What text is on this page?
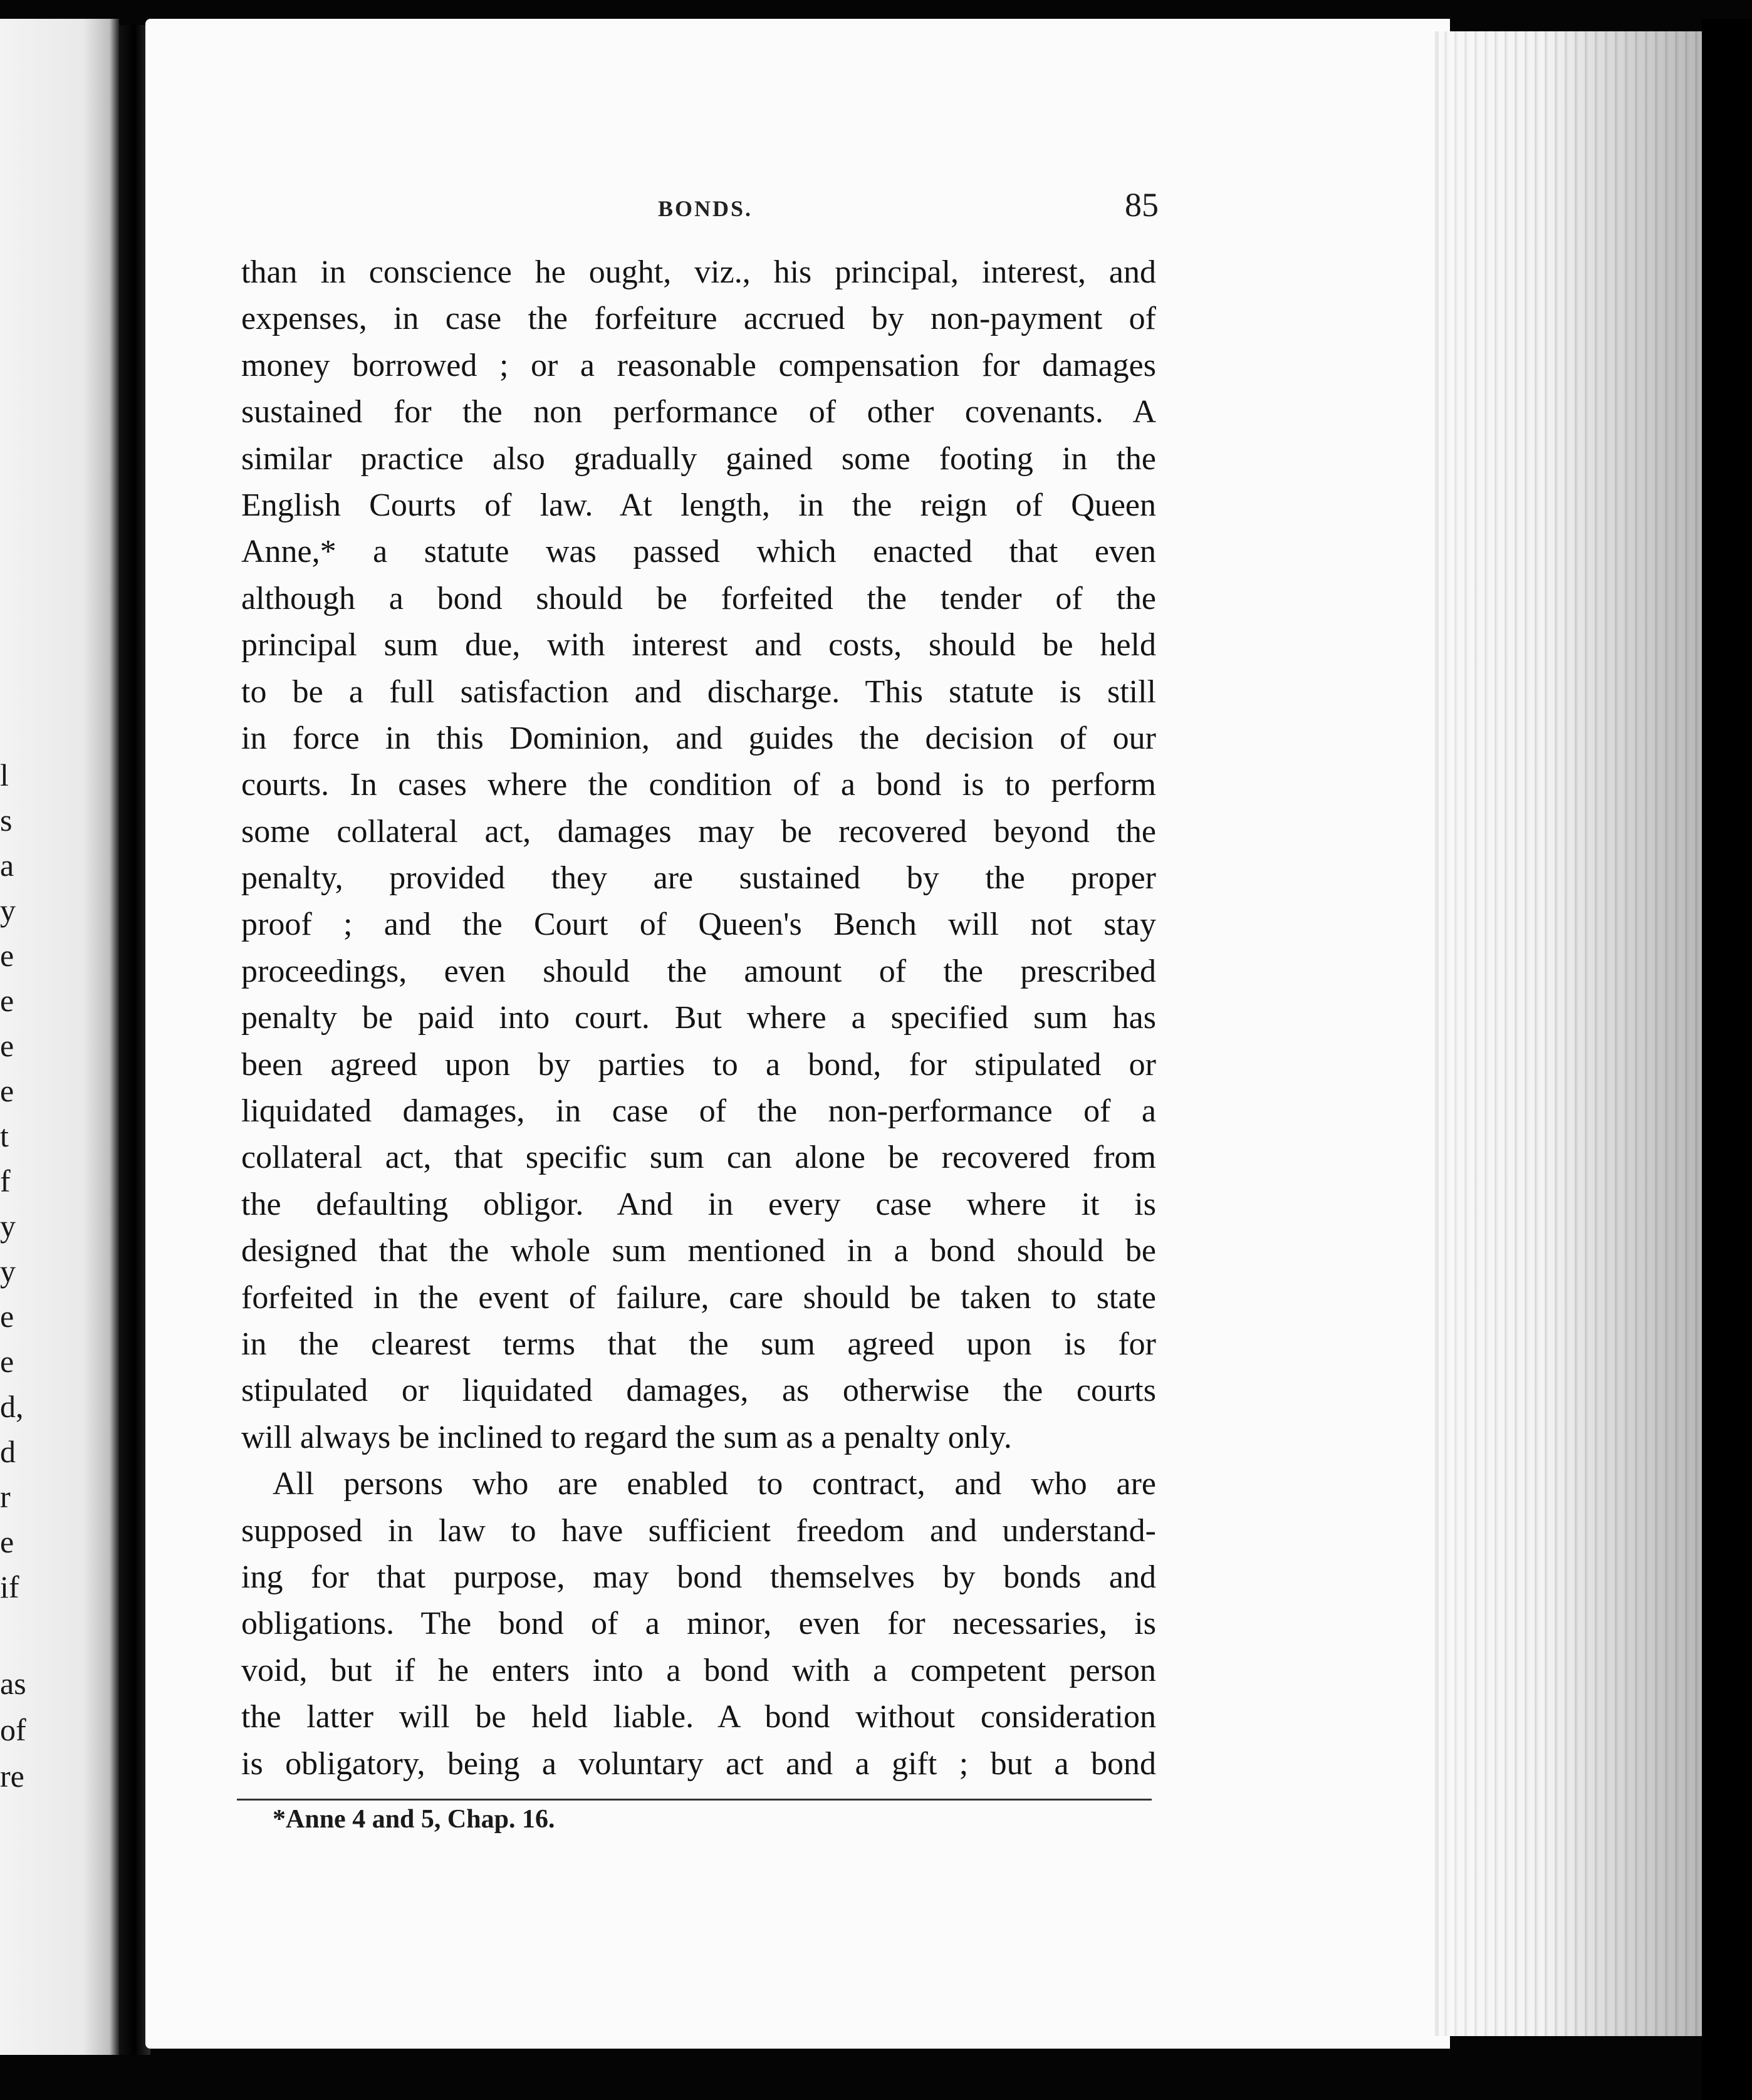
l
s
a
y
e
e
e
e
t
f
y
y
e
e
d,
d
r
e
if
as
of
re
BONDS.	85
than in conscience he ought, viz., his principal, interest, and
expenses, in case the forfeiture accrued by non-payment of
money borrowed ; or a reasonable compensation for damages
sustained for the non performance of other covenants. A
similar practice also gradually gained some footing in the
English Courts of law. At length, in the reign of Queen
Anne,* a statute was passed which enacted that even
although a bond should be forfeited the tender of the
principal sum due, with interest and costs, should be held
to be a full satisfaction and discharge. This statute is still
in force in this Dominion, and guides the decision of our
courts. In cases where the condition of a bond is to perform
some collateral act, damages may be recovered beyond the
penalty, provided they are sustained by the proper
proof ; and the Court of Queen's Bench will not stay
proceedings, even should the amount of the prescribed
penalty be paid into court. But where a specified sum has
been agreed upon by parties to a bond, for stipulated or
liquidated damages, in case of the non-performance of a
collateral act, that specific sum can alone be recovered from
the defaulting obligor. And in every case where it is
designed that the whole sum mentioned in a bond should be
forfeited in the event of failure, care should be taken to state
in the clearest terms that the sum agreed upon is for
stipulated or liquidated damages, as otherwise the courts
will always be inclined to regard the sum as a penalty only.
All persons who are enabled to contract, and who are
supposed in law to have sufficient freedom and understand-
ing for that purpose, may bond themselves by bonds and
obligations. The bond of a minor, even for necessaries, is
void, but if he enters into a bond with a competent person
the latter will be held liable. A bond without consideration
is obligatory, being a voluntary act and a gift ; but a bond
*Anne 4 and 5, Chap. 16.
